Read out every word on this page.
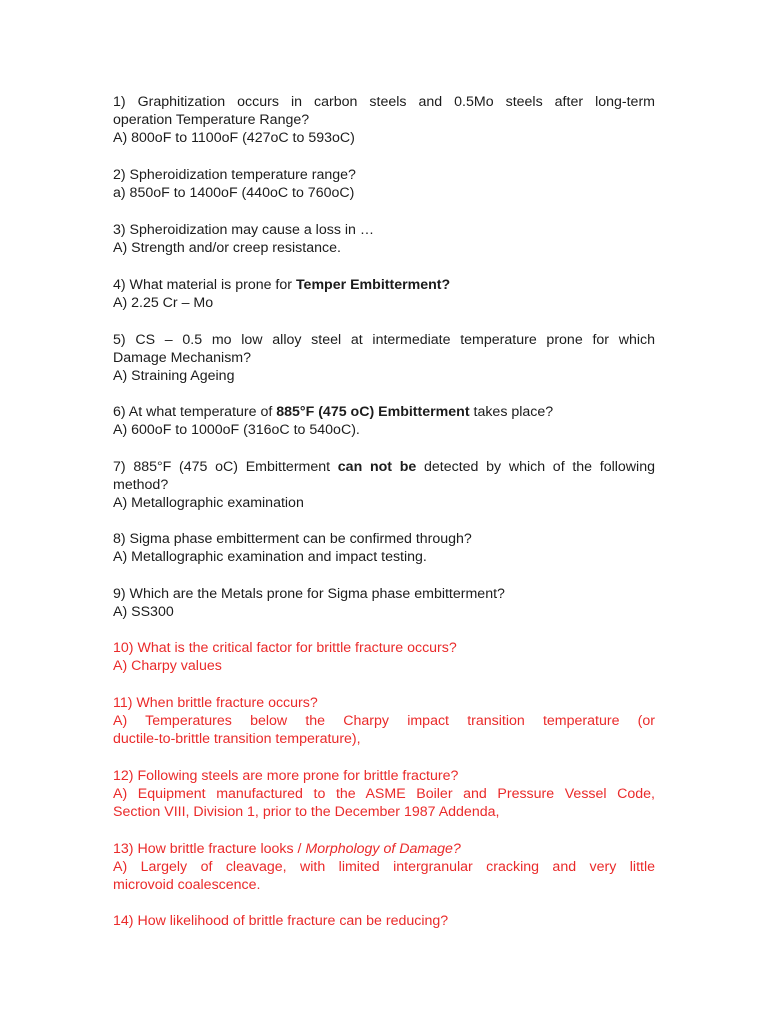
1) Graphitization occurs in carbon steels and 0.5Mo steels after long-term
operation Temperature Range?
A) 800oF to 1100oF (427oC to 593oC)
2) Spheroidization temperature range?
a) 850oF to 1400oF (440oC to 760oC)
3) Spheroidization may cause a loss in …
A) Strength and/or creep resistance.
4) What material is prone for Temper Embitterment?
A) 2.25 Cr – Mo
5) CS – 0.5 mo low alloy steel at intermediate temperature prone for which
Damage Mechanism?
A) Straining Ageing
6) At what temperature of 885°F (475 oC) Embitterment takes place?
A) 600oF to 1000oF (316oC to 540oC).
7) 885°F (475 oC) Embitterment can not be detected by which of the following
method?
A) Metallographic examination
8) Sigma phase embitterment can be confirmed through?
A) Metallographic examination and impact testing.
9) Which are the Metals prone for Sigma phase embitterment?
A) SS300
10) What is the critical factor for brittle fracture occurs?
A) Charpy values
11) When brittle fracture occurs?
A) Temperatures below the Charpy impact transition temperature (or
ductile-to-brittle transition temperature),
12) Following steels are more prone for brittle fracture?
A) Equipment manufactured to the ASME Boiler and Pressure Vessel Code,
Section VIII, Division 1, prior to the December 1987 Addenda,
13) How brittle fracture looks / Morphology of Damage?
A) Largely of cleavage, with limited intergranular cracking and very little
microvoid coalescence.
14) How likelihood of brittle fracture can be reducing?
